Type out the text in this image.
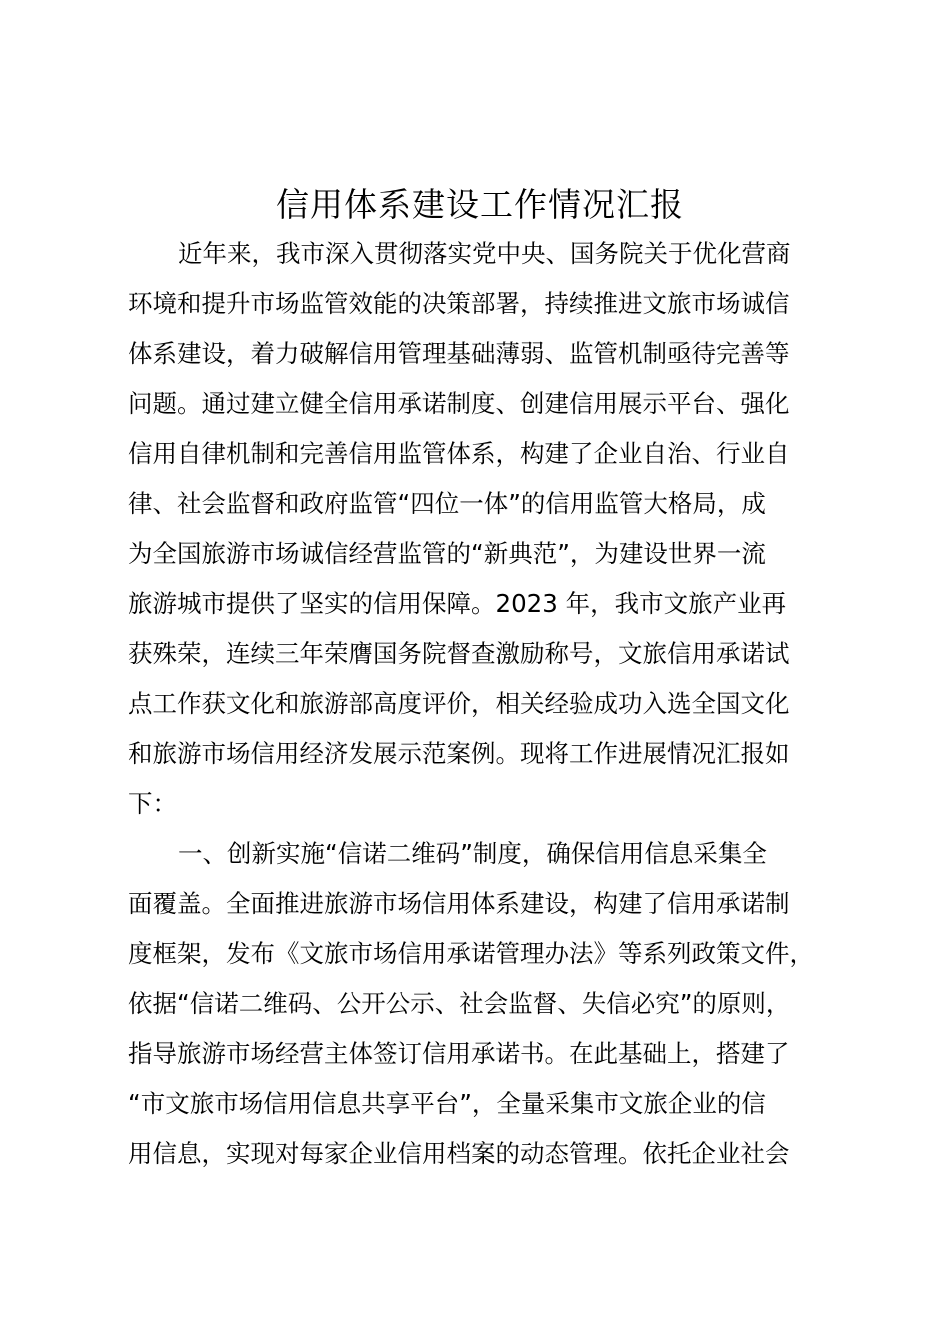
信用体系建设工作情况汇报
近年来，我市深入贯彻落实党中央、国务院关于优化营商
环境和提升市场监管效能的决策部署，持续推进文旅市场诚信
体系建设，着力破解信用管理基础薄弱、监管机制亟待完善等
问题。通过建立健全信用承诺制度、创建信用展示平台、强化
信用自律机制和完善信用监管体系，构建了企业自治、行业自
律、社会监督和政府监管“四位一体”的信用监管大格局，成
为全国旅游市场诚信经营监管的“新典范”，为建设世界一流
旅游城市提供了坚实的信用保障。2023 年，我市文旅产业再
获殊荣，连续三年荣膺国务院督查激励称号，文旅信用承诺试
点工作获文化和旅游部高度评价，相关经验成功入选全国文化
和旅游市场信用经济发展示范案例。现将工作进展情况汇报如
下：
一、创新实施“信诺二维码”制度，确保信用信息采集全
面覆盖。全面推进旅游市场信用体系建设，构建了信用承诺制
度框架，发布《文旅市场信用承诺管理办法》等系列政策文件，
依据“信诺二维码、公开公示、社会监督、失信必究”的原则，
指导旅游市场经营主体签订信用承诺书。在此基础上，搭建了
“市文旅市场信用信息共享平台”，全量采集市文旅企业的信
用信息，实现对每家企业信用档案的动态管理。依托企业社会
